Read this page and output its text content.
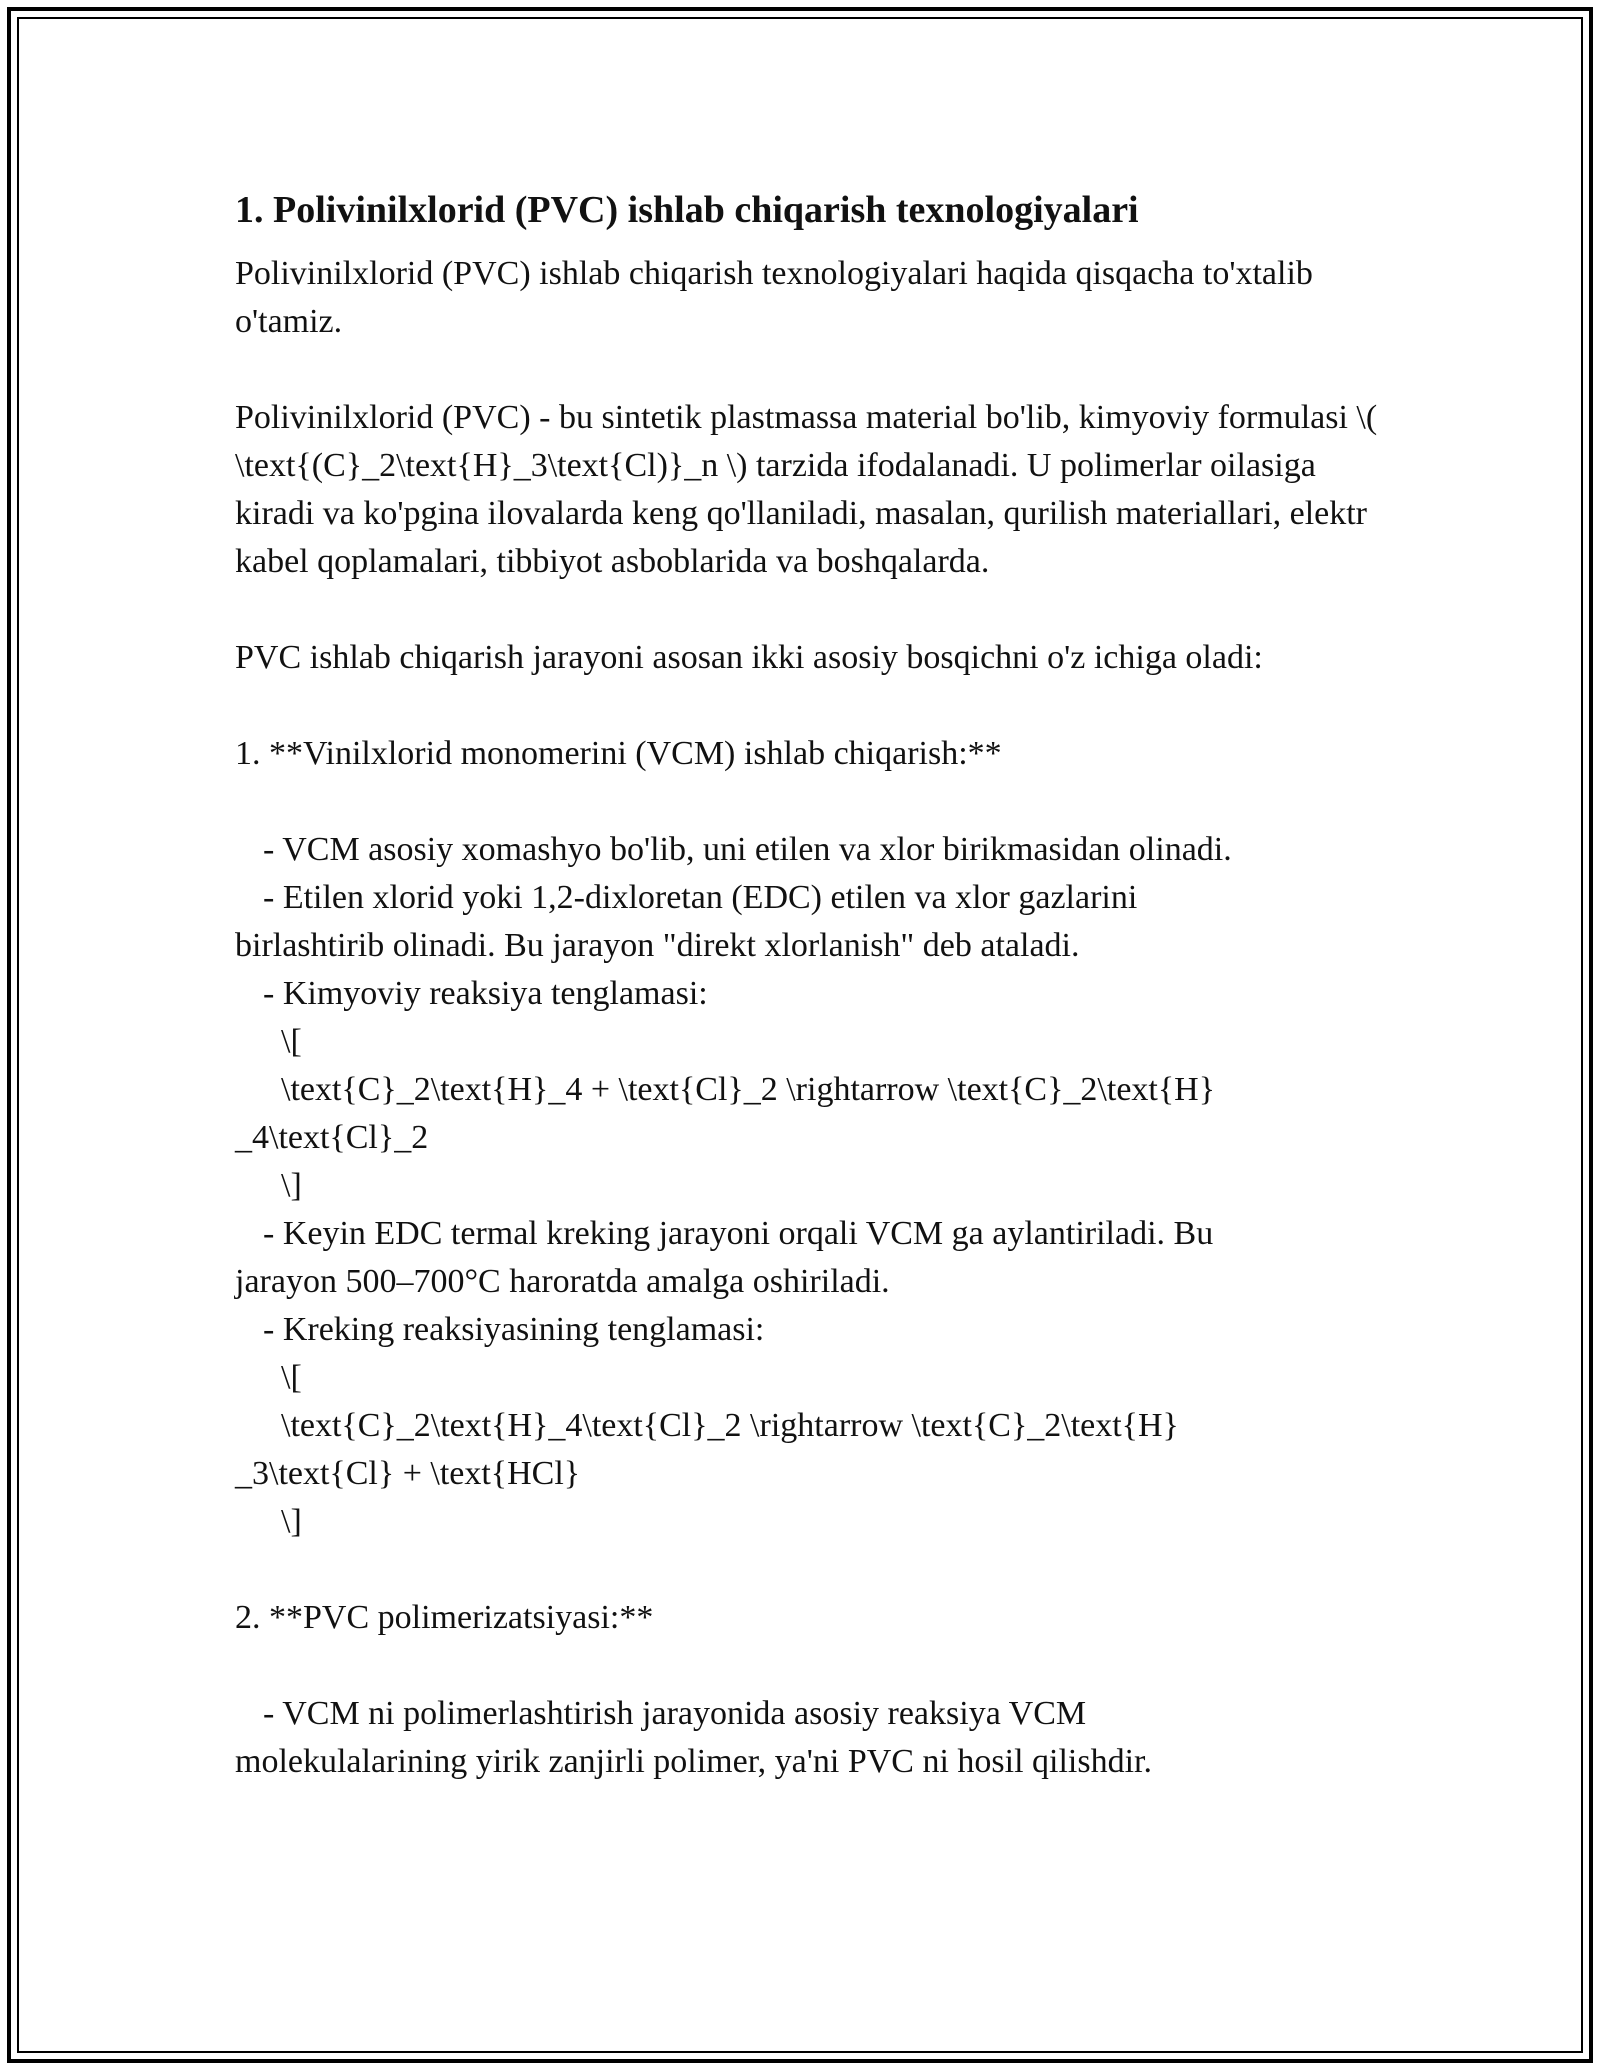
1. Polivinilxlorid (PVC) ishlab chiqarish texnologiyalari

Polivinilxlorid (PVC) ishlab chiqarish texnologiyalari haqida qisqacha to'xtalib o'tamiz.

Polivinilxlorid (PVC) - bu sintetik plastmassa material bo'lib, kimyoviy formulasi \( \text{(C}_2\text{H}_3\text{Cl)}_n \) tarzida ifodalanadi. U polimerlar oilasiga kiradi va ko'pgina ilovalarda keng qo'llaniladi, masalan, qurilish materiallari, elektr kabel qoplamalari, tibbiyot asboblarida va boshqalarda.

PVC ishlab chiqarish jarayoni asosan ikki asosiy bosqichni o'z ichiga oladi:

1. **Vinilxlorid monomerini (VCM) ishlab chiqarish:**

- VCM asosiy xomashyo bo'lib, uni etilen va xlor birikmasidan olinadi.

- Etilen xlorid yoki 1,2-dixloretan (EDC) etilen va xlor gazlarini

birlashtirib olinadi. Bu jarayon "direkt xlorlanish" deb ataladi.

- Kimyoviy reaksiya tenglamasi:

\[

\text{C}_2\text{H}_4 + \text{Cl}_2 \rightarrow \text{C}_2\text{H}

_4\text{Cl}_2

\]

- Keyin EDC termal kreking jarayoni orqali VCM ga aylantiriladi. Bu

jarayon 500–700°C haroratda amalga oshiriladi.

- Kreking reaksiyasining tenglamasi:

\[

\text{C}_2\text{H}_4\text{Cl}_2 \rightarrow \text{C}_2\text{H}

_3\text{Cl} + \text{HCl}

\]

2. **PVC polimerizatsiyasi:**

- VCM ni polimerlashtirish jarayonida asosiy reaksiya VCM

molekulalarining yirik zanjirli polimer, ya'ni PVC ni hosil qilishdir.
